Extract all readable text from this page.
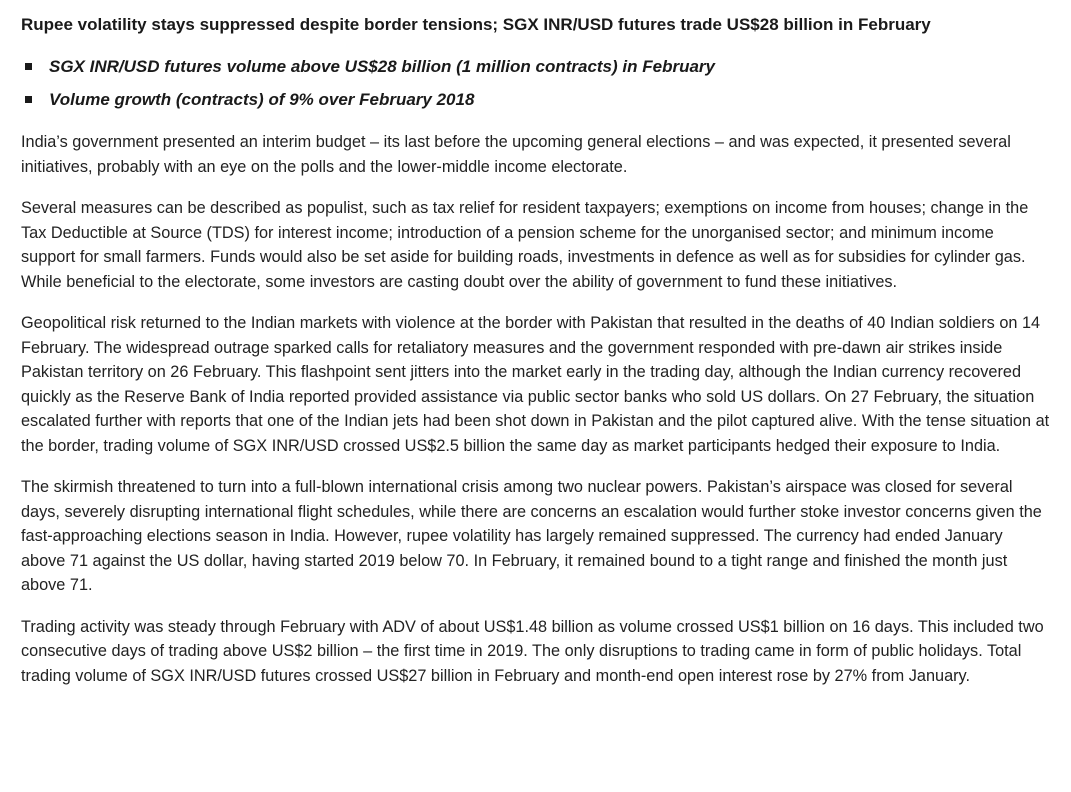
Rupee volatility stays suppressed despite border tensions; SGX INR/USD futures trade US$28 billion in February
SGX INR/USD futures volume above US$28 billion (1 million contracts) in February
Volume growth (contracts) of 9% over February 2018

India’s government presented an interim budget – its last before the upcoming general elections – and was expected, it presented several initiatives, probably with an eye on the polls and the lower-middle income electorate.

Several measures can be described as populist, such as tax relief for resident taxpayers; exemptions on income from houses; change in the Tax Deductible at Source (TDS) for interest income; introduction of a pension scheme for the unorganised sector; and minimum income support for small farmers. Funds would also be set aside for building roads, investments in defence as well as for subsidies for cylinder gas. While beneficial to the electorate, some investors are casting doubt over the ability of government to fund these initiatives.

Geopolitical risk returned to the Indian markets with violence at the border with Pakistan that resulted in the deaths of 40 Indian soldiers on 14 February. The widespread outrage sparked calls for retaliatory measures and the government responded with pre-dawn air strikes inside Pakistan territory on 26 February. This flashpoint sent jitters into the market early in the trading day, although the Indian currency recovered quickly as the Reserve Bank of India reported provided assistance via public sector banks who sold US dollars. On 27 February, the situation escalated further with reports that one of the Indian jets had been shot down in Pakistan and the pilot captured alive. With the tense situation at the border, trading volume of SGX INR/USD crossed US$2.5 billion the same day as market participants hedged their exposure to India.

The skirmish threatened to turn into a full-blown international crisis among two nuclear powers. Pakistan’s airspace was closed for several days, severely disrupting international flight schedules, while there are concerns an escalation would further stoke investor concerns given the fast-approaching elections season in India. However, rupee volatility has largely remained suppressed. The currency had ended January above 71 against the US dollar, having started 2019 below 70. In February, it remained bound to a tight range and finished the month just above 71.

Trading activity was steady through February with ADV of about US$1.48 billion as volume crossed US$1 billion on 16 days. This included two consecutive days of trading above US$2 billion – the first time in 2019. The only disruptions to trading came in form of public holidays. Total trading volume of SGX INR/USD futures crossed US$27 billion in February and month-end open interest rose by 27% from January.
